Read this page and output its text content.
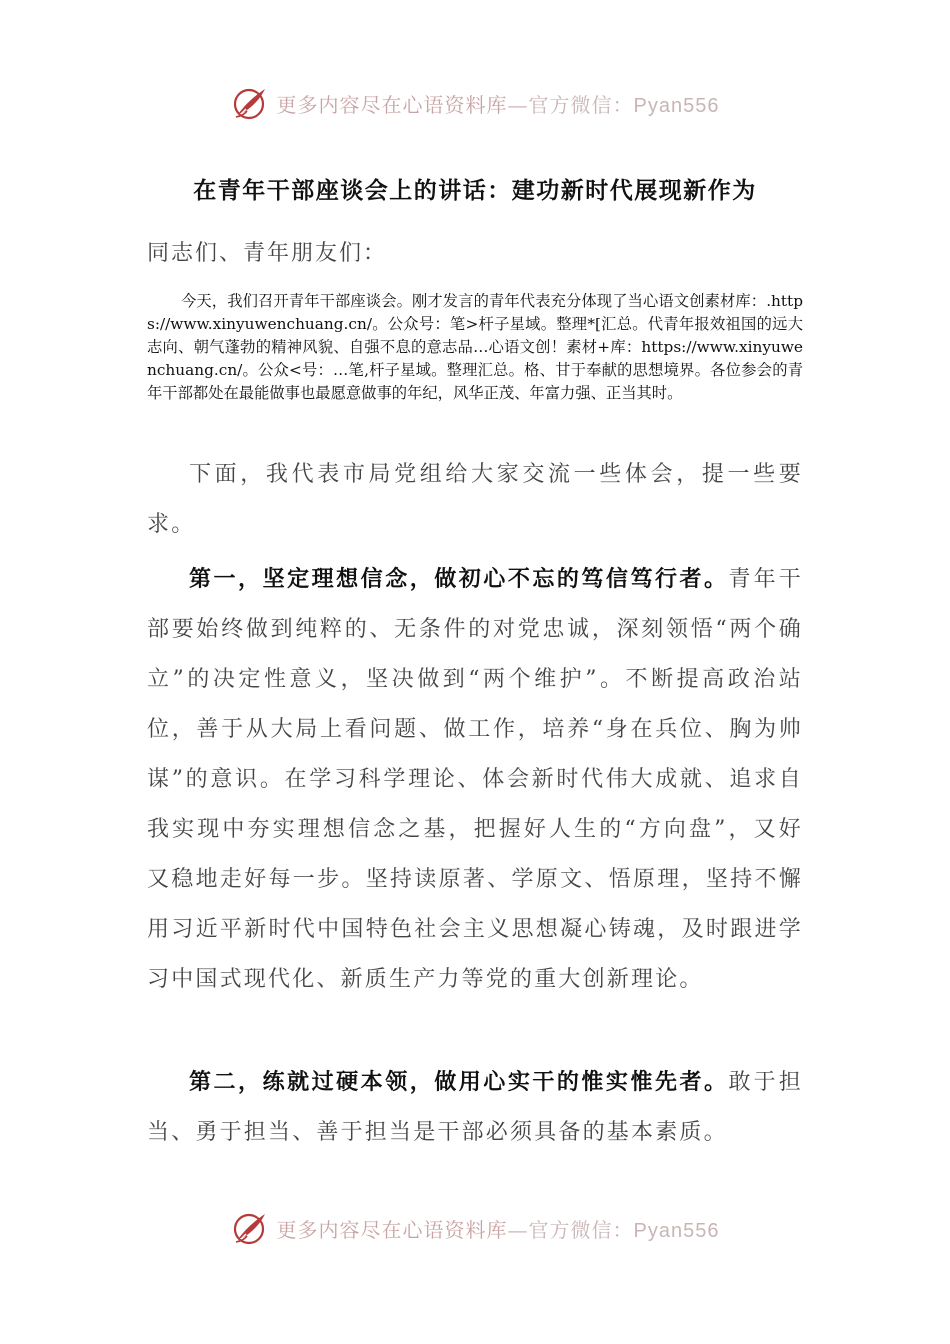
更多内容尽在心语资料库—官方微信：Pyan556
在青年干部座谈会上的讲话：建功新时代展现新作为
同志们、青年朋友们：
今天，我们召开青年干部座谈会。刚才发言的青年代表充分体现了当心语文创素材库：.https://www.xinyuwenchuang.cn/。公众号：笔>杆子星域。整理*[汇总。代青年报效祖国的远大志向、朝气蓬勃的精神风貌、自强不息的意志品…心语文创！素材+库：https://www.xinyuwenchuang.cn/。公众<号：…笔,杆子星域。整理汇总。格、甘于奉献的思想境界。各位参会的青年干部都处在最能做事也最愿意做事的年纪，风华正茂、年富力强、正当其时。
下面，我代表市局党组给大家交流一些体会，提一些要求。
第一，坚定理想信念，做初心不忘的笃信笃行者。青年干部要始终做到纯粹的、无条件的对党忠诚，深刻领悟“两个确立”的决定性意义，坚决做到“两个维护”。不断提高政治站位，善于从大局上看问题、做工作，培养“身在兵位、胸为帅谋”的意识。在学习科学理论、体会新时代伟大成就、追求自我实现中夯实理想信念之基，把握好人生的“方向盘”，又好又稳地走好每一步。坚持读原著、学原文、悟原理，坚持不懈用习近平新时代中国特色社会主义思想凝心铸魂，及时跟进学习中国式现代化、新质生产力等党的重大创新理论。
第二，练就过硬本领，做用心实干的惟实惟先者。敢于担当、勇于担当、善于担当是干部必须具备的基本素质。
更多内容尽在心语资料库—官方微信：Pyan556
